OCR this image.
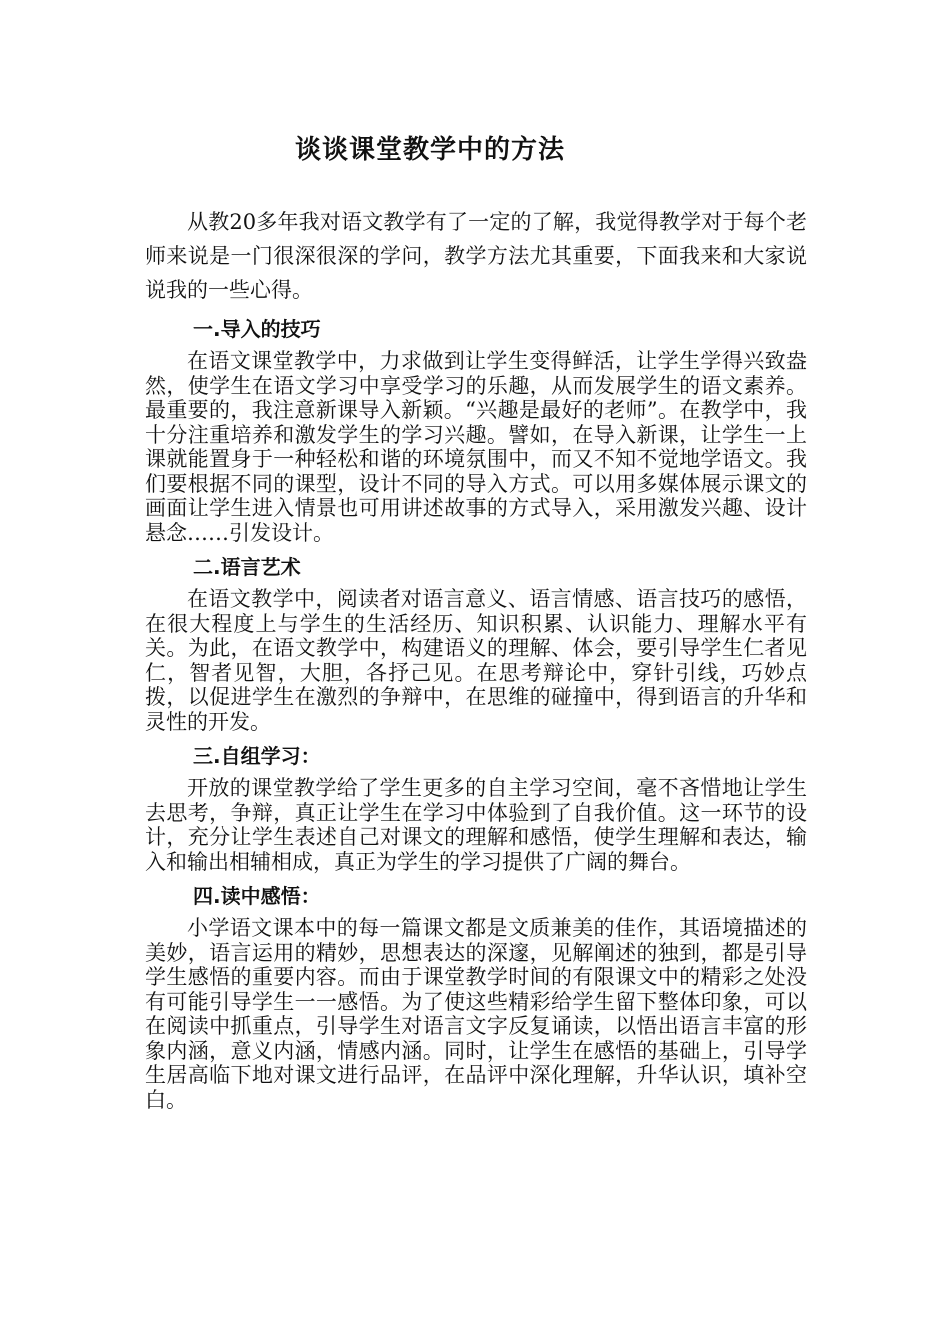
谈谈课堂教学中的方法

从教20多年我对语文教学有了一定的了解，我觉得教学对于每个老师来说是一门很深很深的学问，教学方法尤其重要，下面我来和大家说说我的一些心得。

一.导入的技巧

在语文课堂教学中，力求做到让学生变得鲜活，让学生学得兴致盎然，使学生在语文学习中享受学习的乐趣，从而发展学生的语文素养。最重要的，我注意新课导入新颖。“兴趣是最好的老师”。在教学中，我十分注重培养和激发学生的学习兴趣。譬如，在导入新课，让学生一上课就能置身于一种轻松和谐的环境氛围中，而又不知不觉地学语文。我们要根据不同的课型，设计不同的导入方式。可以用多媒体展示课文的画面让学生进入情景也可用讲述故事的方式导入，采用激发兴趣、设计悬念……引发设计。

二.语言艺术

在语文教学中，阅读者对语言意义、语言情感、语言技巧的感悟，在很大程度上与学生的生活经历、知识积累、认识能力、理解水平有关。为此，在语文教学中，构建语义的理解、体会，要引导学生仁者见仁，智者见智，大胆，各抒己见。在思考辩论中，穿针引线，巧妙点拨，以促进学生在激烈的争辩中，在思维的碰撞中，得到语言的升华和灵性的开发。

三.自组学习：

开放的课堂教学给了学生更多的自主学习空间，毫不吝惜地让学生去思考，争辩，真正让学生在学习中体验到了自我价值。这一环节的设计，充分让学生表述自己对课文的理解和感悟，使学生理解和表达，输入和输出相辅相成，真正为学生的学习提供了广阔的舞台。

四.读中感悟：

小学语文课本中的每一篇课文都是文质兼美的佳作，其语境描述的美妙，语言运用的精妙，思想表达的深邃，见解阐述的独到，都是引导学生感悟的重要内容。而由于课堂教学时间的有限课文中的精彩之处没有可能引导学生一一感悟。为了使这些精彩给学生留下整体印象，可以在阅读中抓重点，引导学生对语言文字反复诵读，以悟出语言丰富的形象内涵，意义内涵，情感内涵。同时，让学生在感悟的基础上，引导学生居高临下地对课文进行品评，在品评中深化理解，升华认识，填补空白。
